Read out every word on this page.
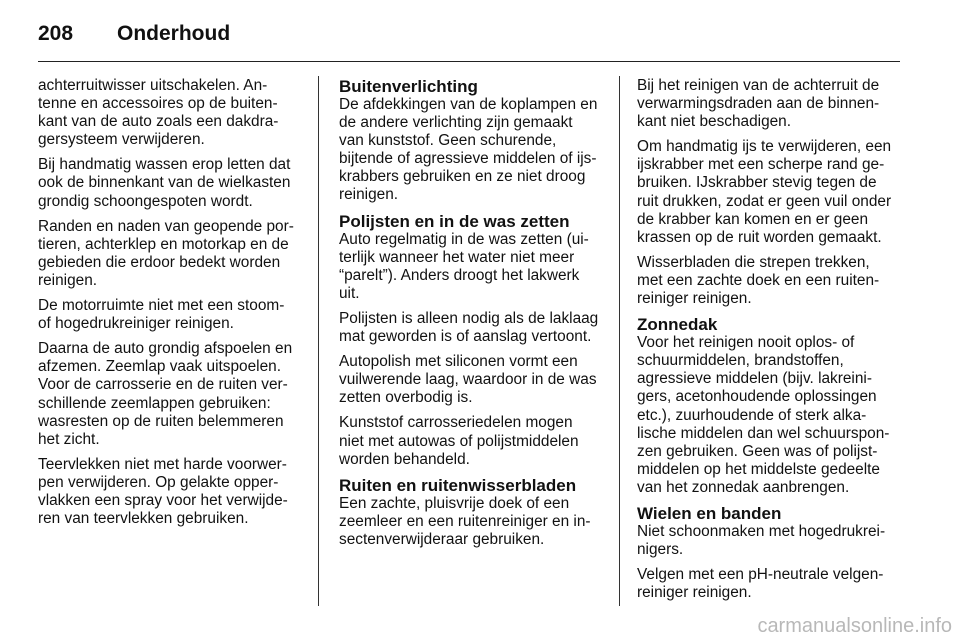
208 Onderhoud

achterruitwisser uitschakelen. An-
tenne en accessoires op de buiten-
kant van de auto zoals een dakdra-
gersysteem verwijderen.

Bij handmatig wassen erop letten dat
ook de binnenkant van de wielkasten
grondig schoongespoten wordt.

Randen en naden van geopende por-
tieren, achterklep en motorkap en de
gebieden die erdoor bedekt worden
reinigen.

De motorruimte niet met een stoom-
of hogedrukreiniger reinigen.

Daarna de auto grondig afspoelen en
afzemen. Zeemlap vaak uitspoelen.
Voor de carrosserie en de ruiten ver-
schillende zeemlappen gebruiken:
wasresten op de ruiten belemmeren
het zicht.

Teervlekken niet met harde voorwer-
pen verwijderen. Op gelakte opper-
vlakken een spray voor het verwijde-
ren van teervlekken gebruiken.

Buitenverlichting

De afdekkingen van de koplampen en
de andere verlichting zijn gemaakt
van kunststof. Geen schurende,
bijtende of agressieve middelen of ijs-
krabbers gebruiken en ze niet droog
reinigen.

Polijsten en in de was zetten

Auto regelmatig in de was zetten (ui-
terlijk wanneer het water niet meer
“parelt”). Anders droogt het lakwerk
uit.

Polijsten is alleen nodig als de laklaag
mat geworden is of aanslag vertoont.

Autopolish met siliconen vormt een
vuilwerende laag, waardoor in de was
zetten overbodig is.

Kunststof carrosseriedelen mogen
niet met autowas of polijstmiddelen
worden behandeld.

Ruiten en ruitenwisserbladen

Een zachte, pluisvrije doek of een
zeemleer en een ruitenreiniger en in-
sectenverwijderaar gebruiken.

Bij het reinigen van de achterruit de
verwarmingsdraden aan de binnen-
kant niet beschadigen.

Om handmatig ijs te verwijderen, een
ijskrabber met een scherpe rand ge-
bruiken. IJskrabber stevig tegen de
ruit drukken, zodat er geen vuil onder
de krabber kan komen en er geen
krassen op de ruit worden gemaakt.

Wisserbladen die strepen trekken,
met een zachte doek en een ruiten-
reiniger reinigen.

Zonnedak

Voor het reinigen nooit oplos- of
schuurmiddelen, brandstoffen,
agressieve middelen (bijv. lakreini-
gers, acetonhoudende oplossingen
etc.), zuurhoudende of sterk alka-
lische middelen dan wel schuurspon-
zen gebruiken. Geen was of polijst-
middelen op het middelste gedeelte
van het zonnedak aanbrengen.

Wielen en banden

Niet schoonmaken met hogedrukrei-
nigers.

Velgen met een pH-neutrale velgen-
reiniger reinigen.

carmanualsonline.info
